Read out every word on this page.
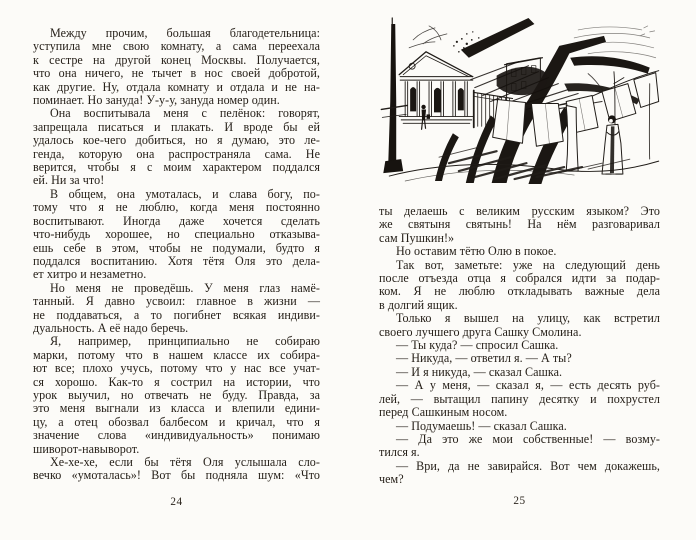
Между прочим, большая благодетельница:
уступила мне свою комнату, а сама переехала
к сестре на другой конец Москвы. Получается,
что она ничего, не тычет в нос своей добротой,
как другие. Ну, отдала комнату и отдала и не на-
поминает. Но зануда! У-у-у, зануда номер один.
Она воспитывала меня с пелёнок: говорят,
запрещала писаться и плакать. И вроде бы ей
удалось кое-чего добиться, но я думаю, это ле-
генда, которую она распространяла сама. Не
верится, чтобы я с моим характером поддался
ей. Ни за что!
В общем, она умоталась, и слава богу, по-
тому что я не люблю, когда меня постоянно
воспитывают. Иногда даже хочется сделать
что-нибудь хорошее, но специально отказыва-
ешь себе в этом, чтобы не подумали, будто я
поддался воспитанию. Хотя тётя Оля это дела-
ет хитро и незаметно.
Но меня не проведёшь. У меня глаз намё-
танный. Я давно усвоил: главное в жизни —
не поддаваться, а то погибнет всякая индиви-
дуальность. А её надо беречь.
Я, например, принципиально не собираю
марки, потому что в нашем классе их собира-
ют все; плохо учусь, потому что у нас все учат-
ся хорошо. Как-то я сострил на истории, что
урок выучил, но отвечать не буду. Правда, за
это меня выгнали из класса и влепили едини-
цу, а отец обозвал балбесом и кричал, что я
значение слова «индивидуальность» понимаю
шиворот-навыворот.
Хе-хе-хе, если бы тётя Оля услышала сло-
вечко «умоталась»! Вот бы подняла шум: «Что
24
ты делаешь с великим русским языком? Это
же святыня святынь! На нём разговаривал
сам Пушкин!»
Но оставим тётю Олю в покое.
Так вот, заметьте: уже на следующий день
после отъезда отца я собрался идти за подар-
ком. Я не люблю откладывать важные дела
в долгий ящик.
Только я вышел на улицу, как встретил
своего лучшего друга Сашку Смолина.
— Ты куда? — спросил Сашка.
— Никуда, — ответил я. — А ты?
— И я никуда, — сказал Сашка.
— А у меня, — сказал я, — есть десять руб-
лей, — вытащил папину десятку и похрустел
перед Сашкиным носом.
— Подумаешь! — сказал Сашка.
— Да это же мои собственные! — возму-
тился я.
— Ври, да не завирайся. Вот чем докажешь,
чем?
25
